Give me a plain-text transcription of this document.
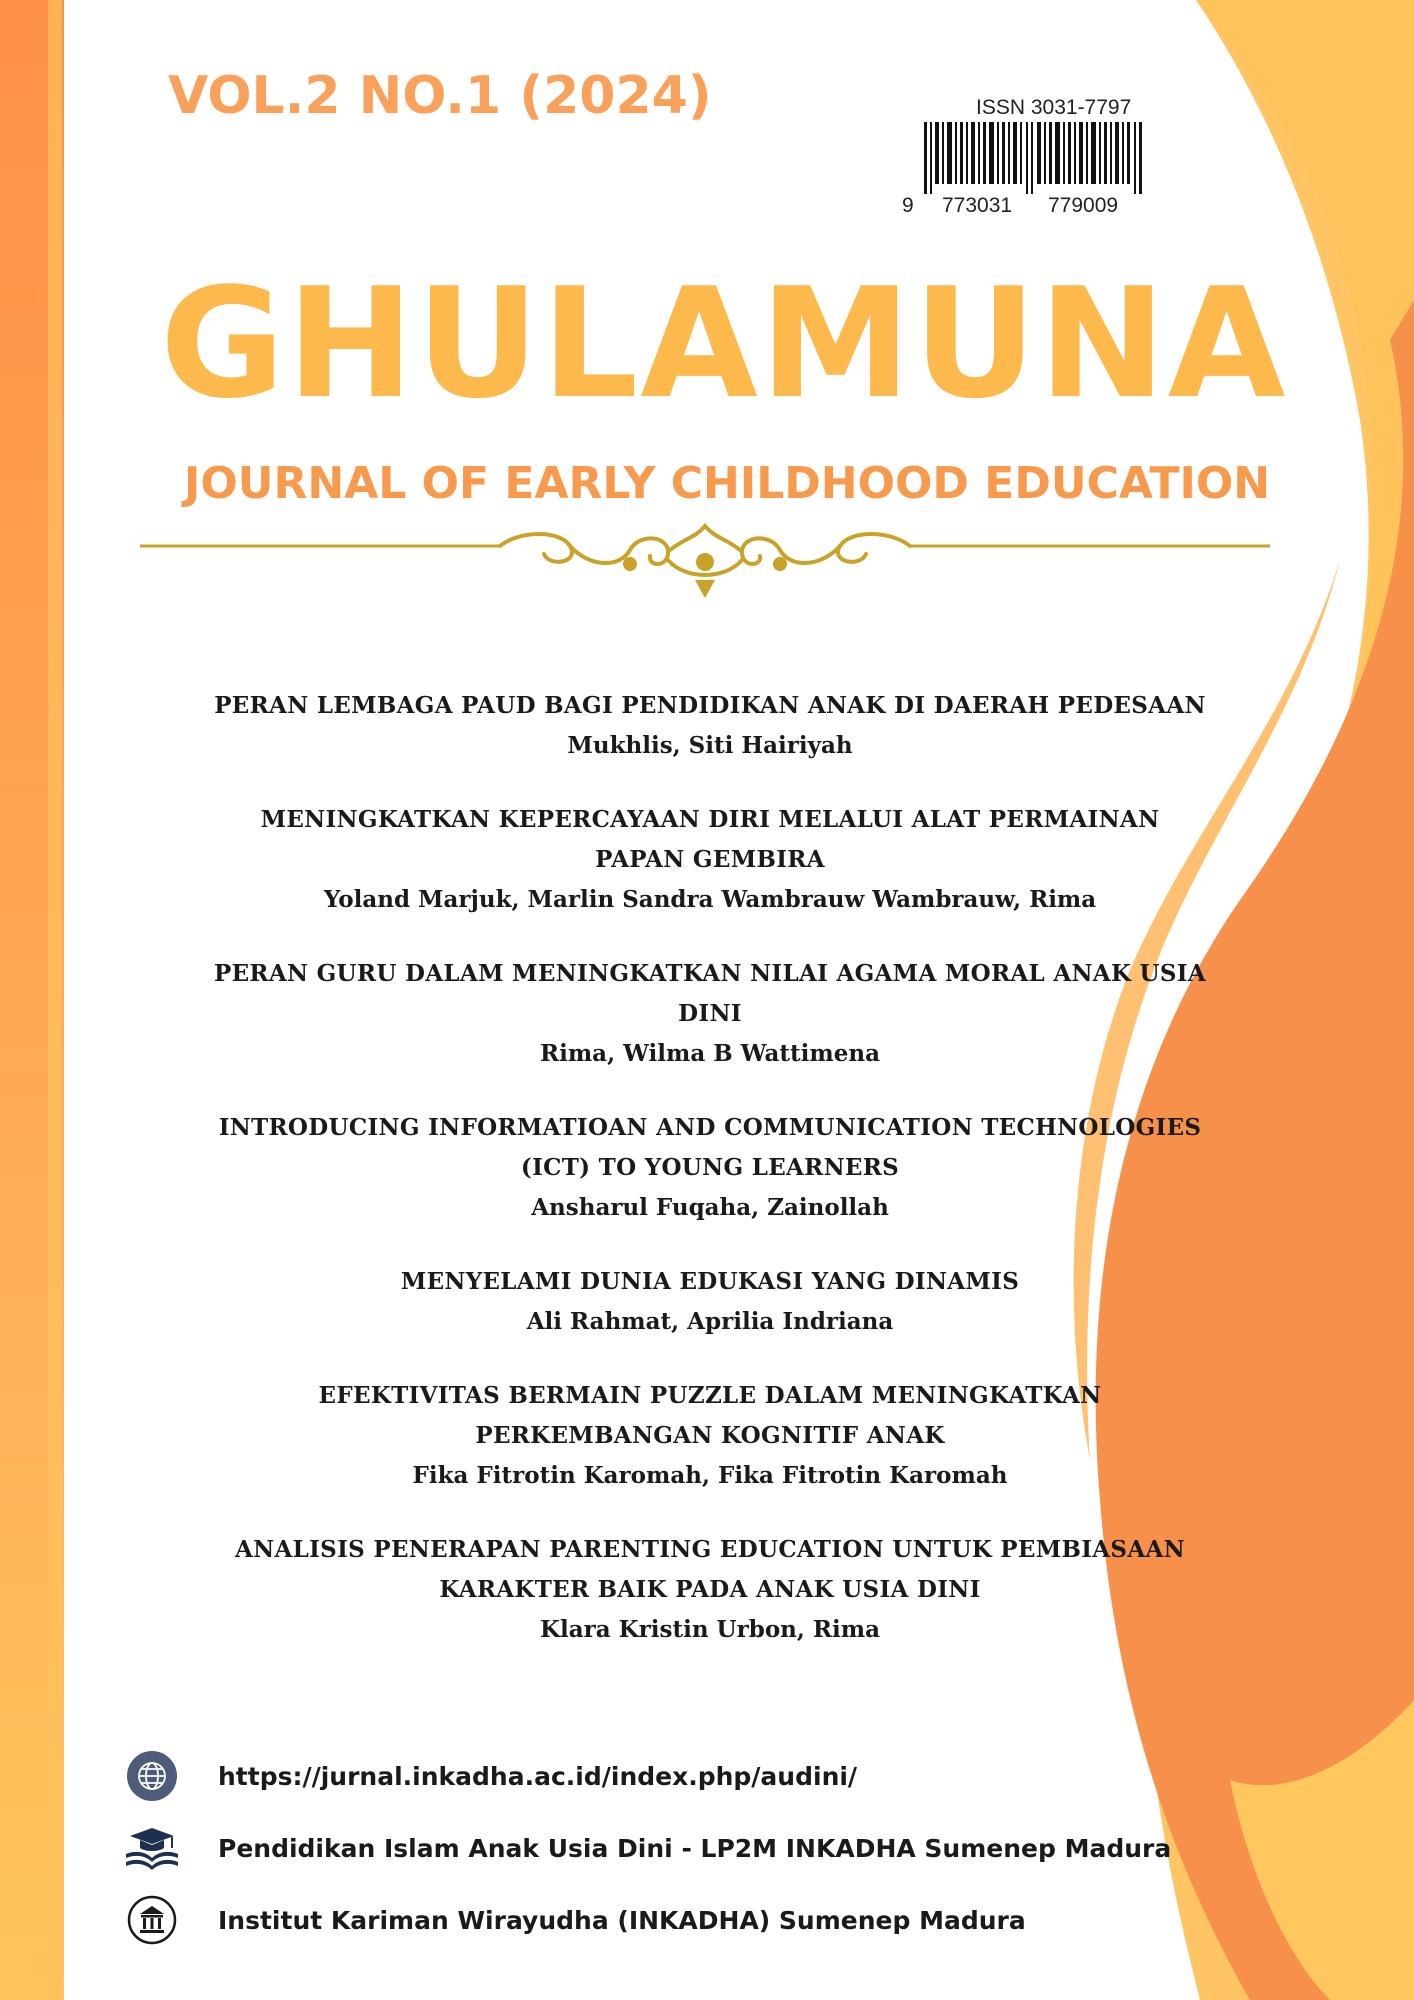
VOL.2 NO.1 (2024)	ISSN 3031-7797
9 773031 779009
GHULAMUNA
JOURNAL OF EARLY CHILDHOOD EDUCATION
PERAN LEMBAGA PAUD BAGI PENDIDIKAN ANAK DI DAERAH PEDESAAN
Mukhlis, Siti Hairiyah
MENINGKATKAN KEPERCAYAAN DIRI MELALUI ALAT PERMAINAN PAPAN GEMBIRA
Yoland Marjuk, Marlin Sandra Wambrauw Wambrauw, Rima
PERAN GURU DALAM MENINGKATKAN NILAI AGAMA MORAL ANAK USIA DINI
Rima, Wilma B Wattimena
INTRODUCING INFORMATIOAN AND COMMUNICATION TECHNOLOGIES (ICT) TO YOUNG LEARNERS
Ansharul Fuqaha, Zainollah
MENYELAMI DUNIA EDUKASI YANG DINAMIS
Ali Rahmat, Aprilia Indriana
EFEKTIVITAS BERMAIN PUZZLE DALAM MENINGKATKAN PERKEMBANGAN KOGNITIF ANAK
Fika Fitrotin Karomah, Fika Fitrotin Karomah
ANALISIS PENERAPAN PARENTING EDUCATION UNTUK PEMBIASAAN KARAKTER BAIK PADA ANAK USIA DINI
Klara Kristin Urbon, Rima
https://jurnal.inkadha.ac.id/index.php/audini/
Pendidikan Islam Anak Usia Dini - LP2M INKADHA Sumenep Madura
Institut Kariman Wirayudha (INKADHA) Sumenep Madura
